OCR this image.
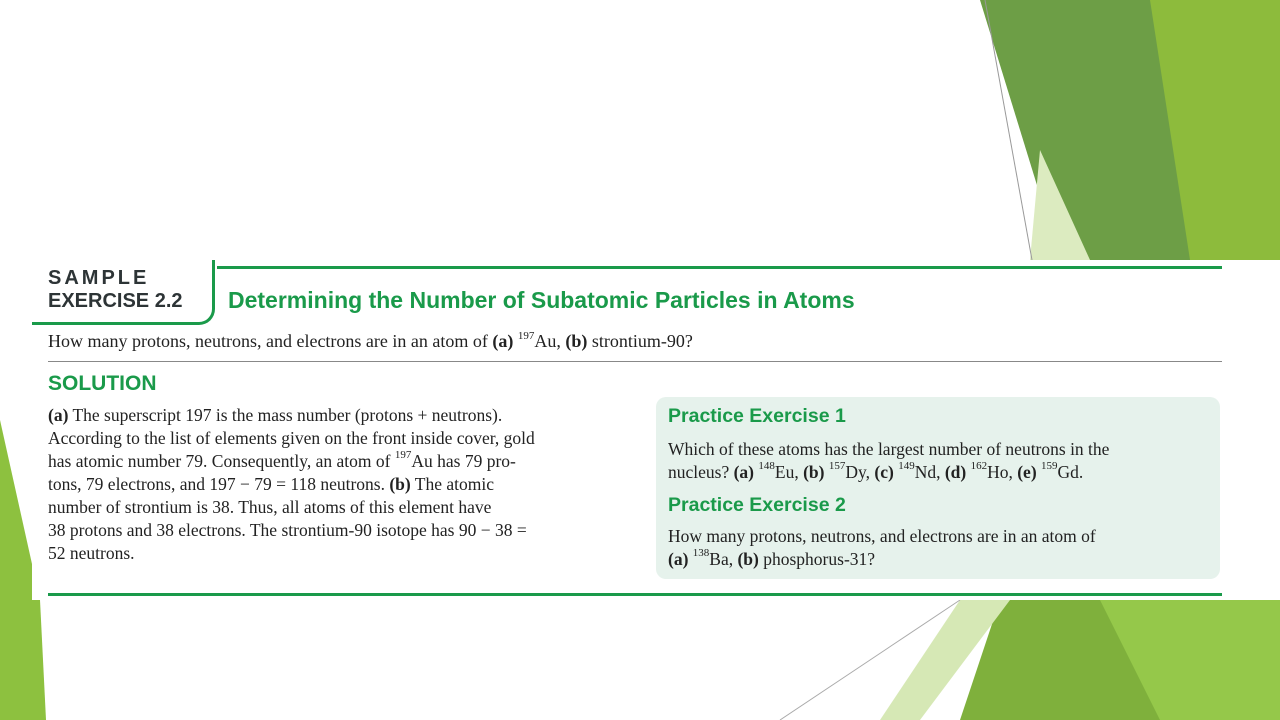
SAMPLE
EXERCISE 2.2 Determining the Number of Subatomic Particles in Atoms
How many protons, neutrons, and electrons are in an atom of (a) $^{197}$Au, (b) strontium-90?
SOLUTION
(a) The superscript 197 is the mass number (protons + neutrons).
According to the list of elements given on the front inside cover, gold
has atomic number 79. Consequently, an atom of $^{197}$Au has 79 pro-
tons, 79 electrons, and 197 − 79 = 118 neutrons. (b) The atomic
number of strontium is 38. Thus, all atoms of this element have
38 protons and 38 electrons. The strontium-90 isotope has 90 − 38 =
52 neutrons.
Practice Exercise 1
Which of these atoms has the largest number of neutrons in the
nucleus? (a) $^{148}$Eu, (b) $^{157}$Dy, (c) $^{149}$Nd, (d) $^{162}$Ho, (e) $^{159}$Gd.
Practice Exercise 2
How many protons, neutrons, and electrons are in an atom of
(a) $^{138}$Ba, (b) phosphorus-31?
